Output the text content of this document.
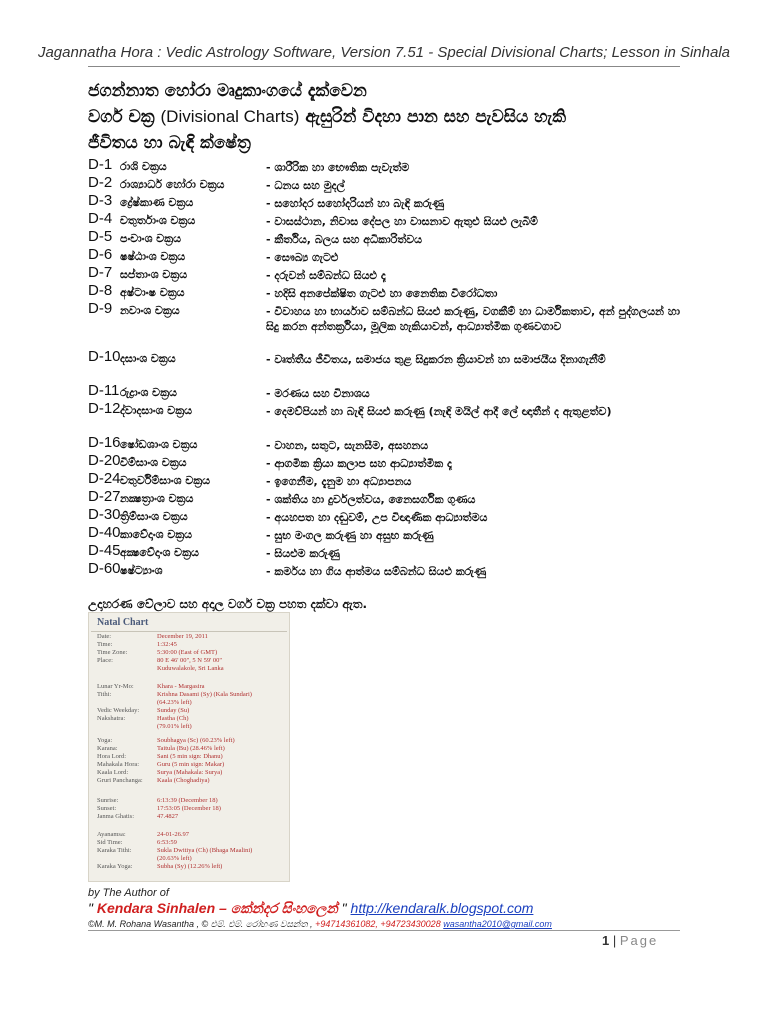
Jagannatha Hora : Vedic Astrology Software, Version 7.51 - Special Divisional Charts; Lesson in Sinhala
ජගන්නාත හෝරා මෘදුකාංගයේ දැක්වෙන
වර්ග චක්‍ර (Divisional Charts) ඇසුරින් විදහා පාන සහ පැවසිය හැකි
ජීවිතය හා බැඳි ක්ෂේත්‍ර
D-1 රාශි චක්‍රය	- ශාරීරික හා භෞතික පැවැත්ම
D-2 රාශ්‍යාර්ධ හෝරා චක්‍රය	- ධනය සහ මුදල්
D-3 ද්‍රේෂ්කාණ චක්‍රය	- සහෝදර සහෝදරියන් හා බැඳි කරුණු
D-4 චතුර්තාංශ චක්‍රය	- වාසස්ථාන, නිවාස දේපල හා වාසනාව ඇතුළු සියළු ලැබීම්
D-5 පංචාංශ චක්‍රය	- කීර්තිය, බලය සහ අධිකාරිත්වය
D-6 ෂෂ්ඨාංශ චක්‍රය	- සෞඛ්‍ය ගැටළු
D-7 සප්තාංශ චක්‍රය	- දරුවන් සම්බන්ධ සියළු දෑ
D-8 අෂ්ටාංෂ චක්‍රය	- හදිසි අනපේක්ෂිත ගැටළු හා නෛතික විරෝධතා
D-9 නවාංශ චක්‍රය	- විවාහය හා භාර්යාව සම්බන්ධ සියළු කරුණු, වගකීම් හා ධාර්මිකතාව, අන් පුද්ගලයන් හා සිදු කරන අන්තර්ක්‍රියා, මූලික හැකියාවන්, ආධ්‍යාත්මික ගුණවගාව
D-10 දසාංශ චක්‍රය	- වෘත්තීය ජීවිතය, සමාජය තුළ සිදුකරන ක්‍රියාවන් හා සමාජයීය දිනාගැනීම්
D-11 රුද්‍රාංශ චක්‍රය	- මරණය සහ විනාශය
D-12 ද්වාදසාංශ චක්‍රය	- දෙමව්පියන් හා බැඳි සියළු කරුණු (නැඳි මයිල් ආදී ලේ ඥාතීන් ද ඇතුළත්ව)
D-16 ෂෝඩශාංශ චක්‍රය	- වාහන, සතුට, සැනසීම, අසහනය
D-20 විම්සාංශ චක්‍රය	- ආගමික ක්‍රියා කලාප සහ ආධ්‍යාත්මික දෑ
D-24 චතුර්විම්සාංශ චක්‍රය	- ඉගෙනීම, දැනුම හා අධ්‍යාපනය
D-27 නක්‍ෂත්‍රාංශ චක්‍රය	- ශක්තිය හා දුර්වලත්වය, නෛසර්ගික ගුණය
D-30 ත්‍රිම්සාංශ චක්‍රය	- අයහපත හා දඬුවම්, උප විඥාණික ආධ්‍යාත්මය
D-40 කාවේදාංශ චක්‍රය	- සුභ මංගල කරුණු හා අසුභ කරුණු
D-45 අක්‍ෂවේදාංශ චක්‍රය	- සියළුම කරුණු
D-60 ෂෂ්ට්‍යාංශ	- කර්මය හා ගිය ආත්මය සම්බන්ධ සියළු කරුණු
උදාහරණ වේලාව සහ අදාල වර්ග චක්‍ර පහත දක්වා ඇත.
Natal Chart
Date:	December 19, 2011
Time:	1:32:45
Time Zone:	5:30:00 (East of GMT)
Place:	80 E 46' 00", 5 N 59' 00"
Kuduwalakole, Sri Lanka
Lunar Yr-Mo:	Khara - Margasira
Tithi:	Krishna Dasami (Sy) (Kala Sundari)
(64.23% left)
Vedic Weekday:	Sunday (Su)
Nakshatra:	Hastha (Ch)
(79.01% left)
Yoga:	Soubhagya (Sc) (60.23% left)
Karana:	Taitula (Bu) (28.46% left)
Hora Lord:	Sani (5 min sign: Dhanu)
Mahakala Hora:	Guru (5 min sign: Makar)
Kaala Lord:	Surya (Mahakala: Surya)
Gruri Panchanga:	Kaala (Choghadiya)
Sunrise:	6:13:39 (December 18)
Sunset:	17:53:05 (December 18)
Janma Ghatis:	47.4827
Ayanamsa:	24-01-26.97
Sid Time:	6:53:59
Karaka Tithi:	Sukla Dwitiya (Ch) (Bhaga Maalini)
(20.63% left)
Karaka Yoga:	Subha (Sy) (12.26% left)
by The Author of
" Kendara Sinhalen – කේන්දර සිංහලෙන් " http://kendaralk.blogspot.com
©M. M. Rohana Wasantha , © එම්. එම්. රෝහණ වසන්ත , +94714361082, +94723430028 wasantha2010@gmail.com
1 | Page
